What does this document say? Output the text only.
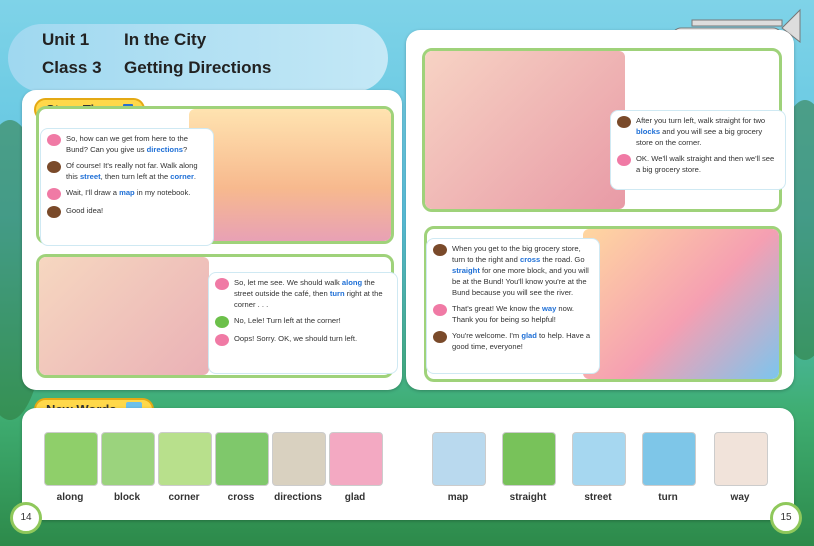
Unit 1 In the City
Class 3 Getting Directions
So, how can we get from here to the Bund? Can you give us directions?
Of course! It's really not far. Walk along this street, then turn left at the corner.
Wait, I'll draw a map in my notebook.
Good idea!
So, let me see. We should walk along the street outside the café, then turn right at the corner . . .
No, Lele! Turn left at the corner!
Oops! Sorry. OK, we should turn left.
After you turn left, walk straight for two blocks and you will see a big grocery store on the corner.
OK. We'll walk straight and then we'll see a big grocery store.
When you get to the big grocery store, turn to the right and cross the road. Go straight for one more block, and you will be at the Bund! You'll know you're at the Bund because you will see the river.
That's great! We know the way now. Thank you for being so helpful!
You're welcome. I'm glad to help. Have a good time, everyone!
along	block	corner	cross	directions	glad	map	straight	street	turn	way
14	15
